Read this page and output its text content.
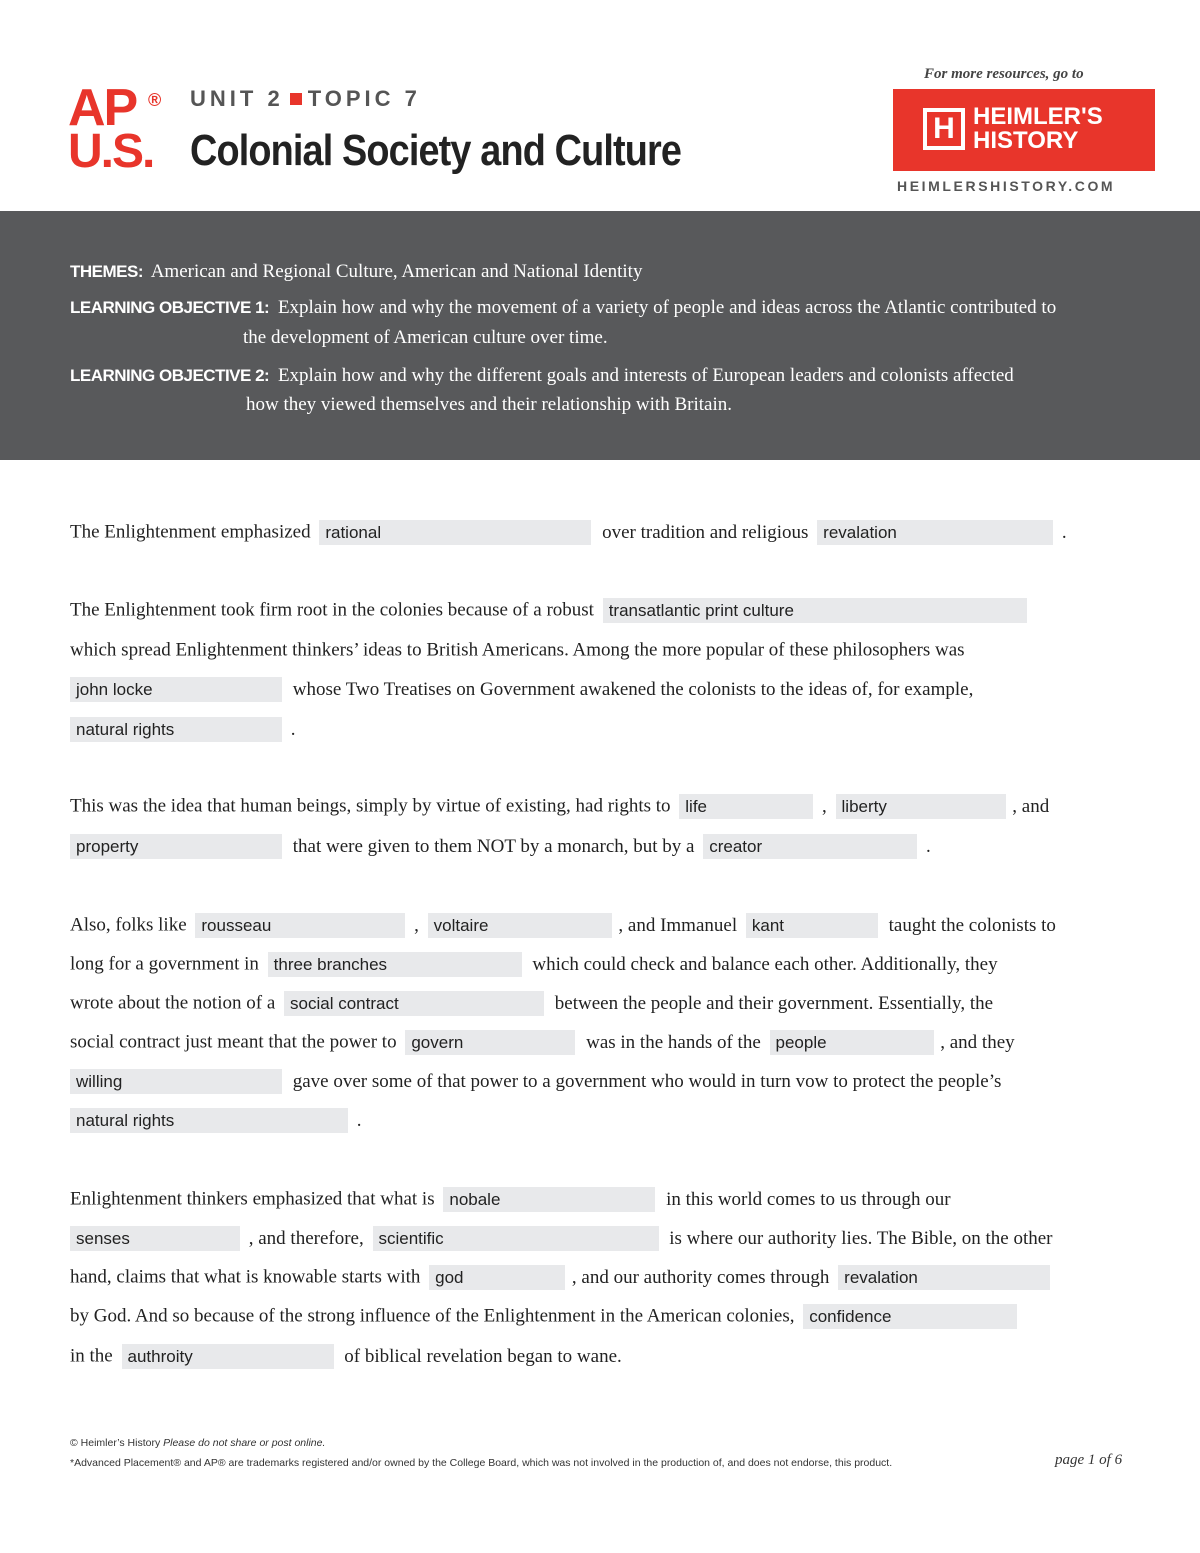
AP ®
U.S.
UNIT 2 TOPIC 7
Colonial Society and Culture
For more resources, go to
H HEIMLER'S
HISTORY
HEIMLERSHISTORY.COM
THEMES: American and Regional Culture, American and National Identity
LEARNING OBJECTIVE 1: Explain how and why the movement of a variety of people and ideas across the Atlantic contributed to
the development of American culture over time.
LEARNING OBJECTIVE 2: Explain how and why the different goals and interests of European leaders and colonists affected
how they viewed themselves and their relationship with Britain.
The Enlightenment emphasized rational	over tradition and religious revalation	.
The Enlightenment took firm root in the colonies because of a robust transatlantic print culture
which spread Enlightenment thinkers’ ideas to British Americans. Among the more popular of these philosophers was
john locke	whose Two Treatises on Government awakened the colonists to the ideas of, for example,
natural rights	.
This was the idea that human beings, simply by virtue of existing, had rights to life	, liberty	, and
property	that were given to them NOT by a monarch, but by a creator	.
Also, folks like rousseau	, voltaire	, and Immanuel kant	taught the colonists to
long for a government in three branches	which could check and balance each other. Additionally, they
wrote about the notion of a social contract	between the people and their government. Essentially, the
social contract just meant that the power to govern	was in the hands of the people	, and they
willing	gave over some of that power to a government who would in turn vow to protect the people’s
natural rights	.
Enlightenment thinkers emphasized that what is nobale	in this world comes to us through our
senses	, and therefore, scientific	is where our authority lies. The Bible, on the other
hand, claims that what is knowable starts with god	, and our authority comes through revalation
by God. And so because of the strong influence of the Enlightenment in the American colonies, confidence
in the authroity	of biblical revelation began to wane.
© Heimler’s History Please do not share or post online.
*Advanced Placement® and AP® are trademarks registered and/or owned by the College Board, which was not involved in the production of, and does not endorse, this product.	page 1 of 6
